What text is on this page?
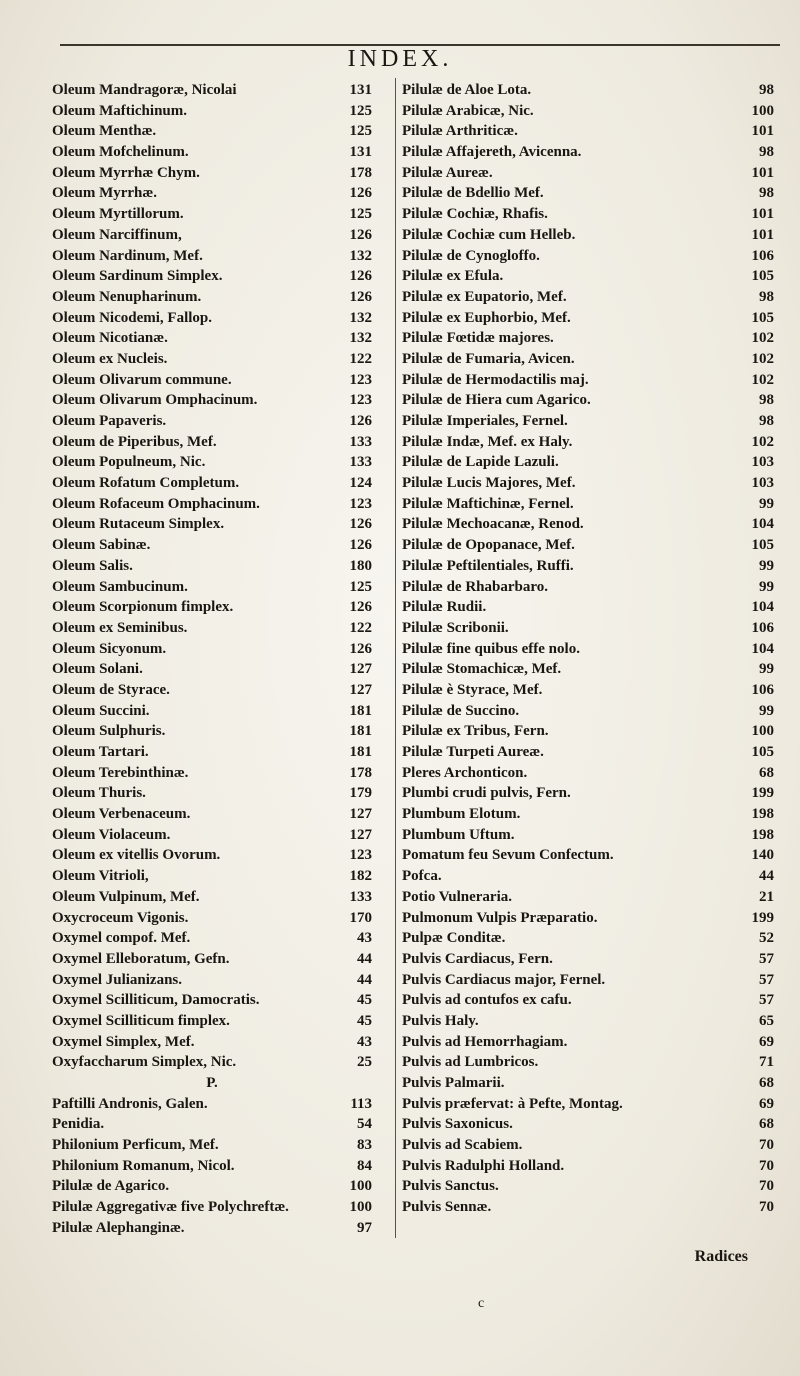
INDEX.
Oleum Mandragoræ, Nicolai	131
Oleum Maftichinum.	125
Oleum Menthæ.	125
Oleum Mofchelinum.	131
Oleum Myrrhæ Chym.	178
Oleum Myrrhæ.	126
Oleum Myrtillorum.	125
Oleum Narciffinum,	126
Oleum Nardinum, Mef.	132
Oleum Sardinum Simplex.	126
Oleum Nenupharinum.	126
Oleum Nicodemi, Fallop.	132
Oleum Nicotianæ.	132
Oleum ex Nucleis.	122
Oleum Olivarum commune.	123
Oleum Olivarum Omphacinum.	123
Oleum Papaveris.	126
Oleum de Piperibus, Mef.	133
Oleum Populneum, Nic.	133
Oleum Rofatum Completum.	124
Oleum Rofaceum Omphacinum.	123
Oleum Rutaceum Simplex.	126
Oleum Sabinæ.	126
Oleum Salis.	180
Oleum Sambucinum.	125
Oleum Scorpionum fimplex.	126
Oleum ex Seminibus.	122
Oleum Sicyonum.	126
Oleum Solani.	127
Oleum de Styrace.	127
Oleum Succini.	181
Oleum Sulphuris.	181
Oleum Tartari.	181
Oleum Terebinthinæ.	178
Oleum Thuris.	179
Oleum Verbenaceum.	127
Oleum Violaceum.	127
Oleum ex vitellis Ovorum.	123
Oleum Vitrioli,	182
Oleum Vulpinum, Mef.	133
Oxycroceum Vigonis.	170
Oxymel compof. Mef.	43
Oxymel Elleboratum, Gefn.	44
Oxymel Julianizans.	44
Oxymel Scilliticum, Damocratis.	45
Oxymel Scilliticum fimplex.	45
Oxymel Simplex, Mef.	43
Oxyfaccharum Simplex, Nic.	25
P.
Paftilli Andronis, Galen.	113
Penidia.	54
Philonium Perficum, Mef.	83
Philonium Romanum, Nicol.	84
Pilulæ de Agarico.	100
Pilulæ Aggregativæ five Polychreftæ.	100
Pilulæ Alephanginæ.	97
Pilulæ de Aloe Lota.	98
Pilulæ Arabicæ, Nic.	100
Pilulæ Arthriticæ.	101
Pilulæ Affajereth, Avicenna.	98
Pilulæ Aureæ.	101
Pilulæ de Bdellio Mef.	98
Pilulæ Cochiæ, Rhafis.	101
Pilulæ Cochiæ cum Helleb.	101
Pilulæ de Cynogloffo.	106
Pilulæ ex Efula.	105
Pilulæ ex Eupatorio, Mef.	98
Pilulæ ex Euphorbio, Mef.	105
Pilulæ Fœtidæ majores.	102
Pilulæ de Fumaria, Avicen.	102
Pilulæ de Hermodactilis maj.	102
Pilulæ de Hiera cum Agarico.	98
Pilulæ Imperiales, Fernel.	98
Pilulæ Indæ, Mef. ex Haly.	102
Pilulæ de Lapide Lazuli.	103
Pilulæ Lucis Majores, Mef.	103
Pilulæ Maftichinæ, Fernel.	99
Pilulæ Mechoacanæ, Renod.	104
Pilulæ de Opopanace, Mef.	105
Pilulæ Peftilentiales, Ruffi.	99
Pilulæ de Rhabarbaro.	99
Pilulæ Rudii.	104
Pilulæ Scribonii.	106
Pilulæ fine quibus effe nolo.	104
Pilulæ Stomachicæ, Mef.	99
Pilulæ è Styrace, Mef.	106
Pilulæ de Succino.	99
Pilulæ ex Tribus, Fern.	100
Pilulæ Turpeti Aureæ.	105
Pleres Archonticon.	68
Plumbi crudi pulvis, Fern.	199
Plumbum Elotum.	198
Plumbum Uftum.	198
Pomatum feu Sevum Confectum.	140
Pofca.	44
Potio Vulneraria.	21
Pulmonum Vulpis Præparatio.	199
Pulpæ Conditæ.	52
Pulvis Cardiacus, Fern.	57
Pulvis Cardiacus major, Fernel.	57
Pulvis ad contufos ex cafu.	57
Pulvis Haly.	65
Pulvis ad Hemorrhagiam.	69
Pulvis ad Lumbricos.	71
Pulvis Palmarii.	68
Pulvis præfervat: à Pefte, Montag.	69
Pulvis Saxonicus.	68
Pulvis ad Scabiem.	70
Pulvis Radulphi Holland.	70
Pulvis Sanctus.	70
Pulvis Sennæ.	70
Radices
c
